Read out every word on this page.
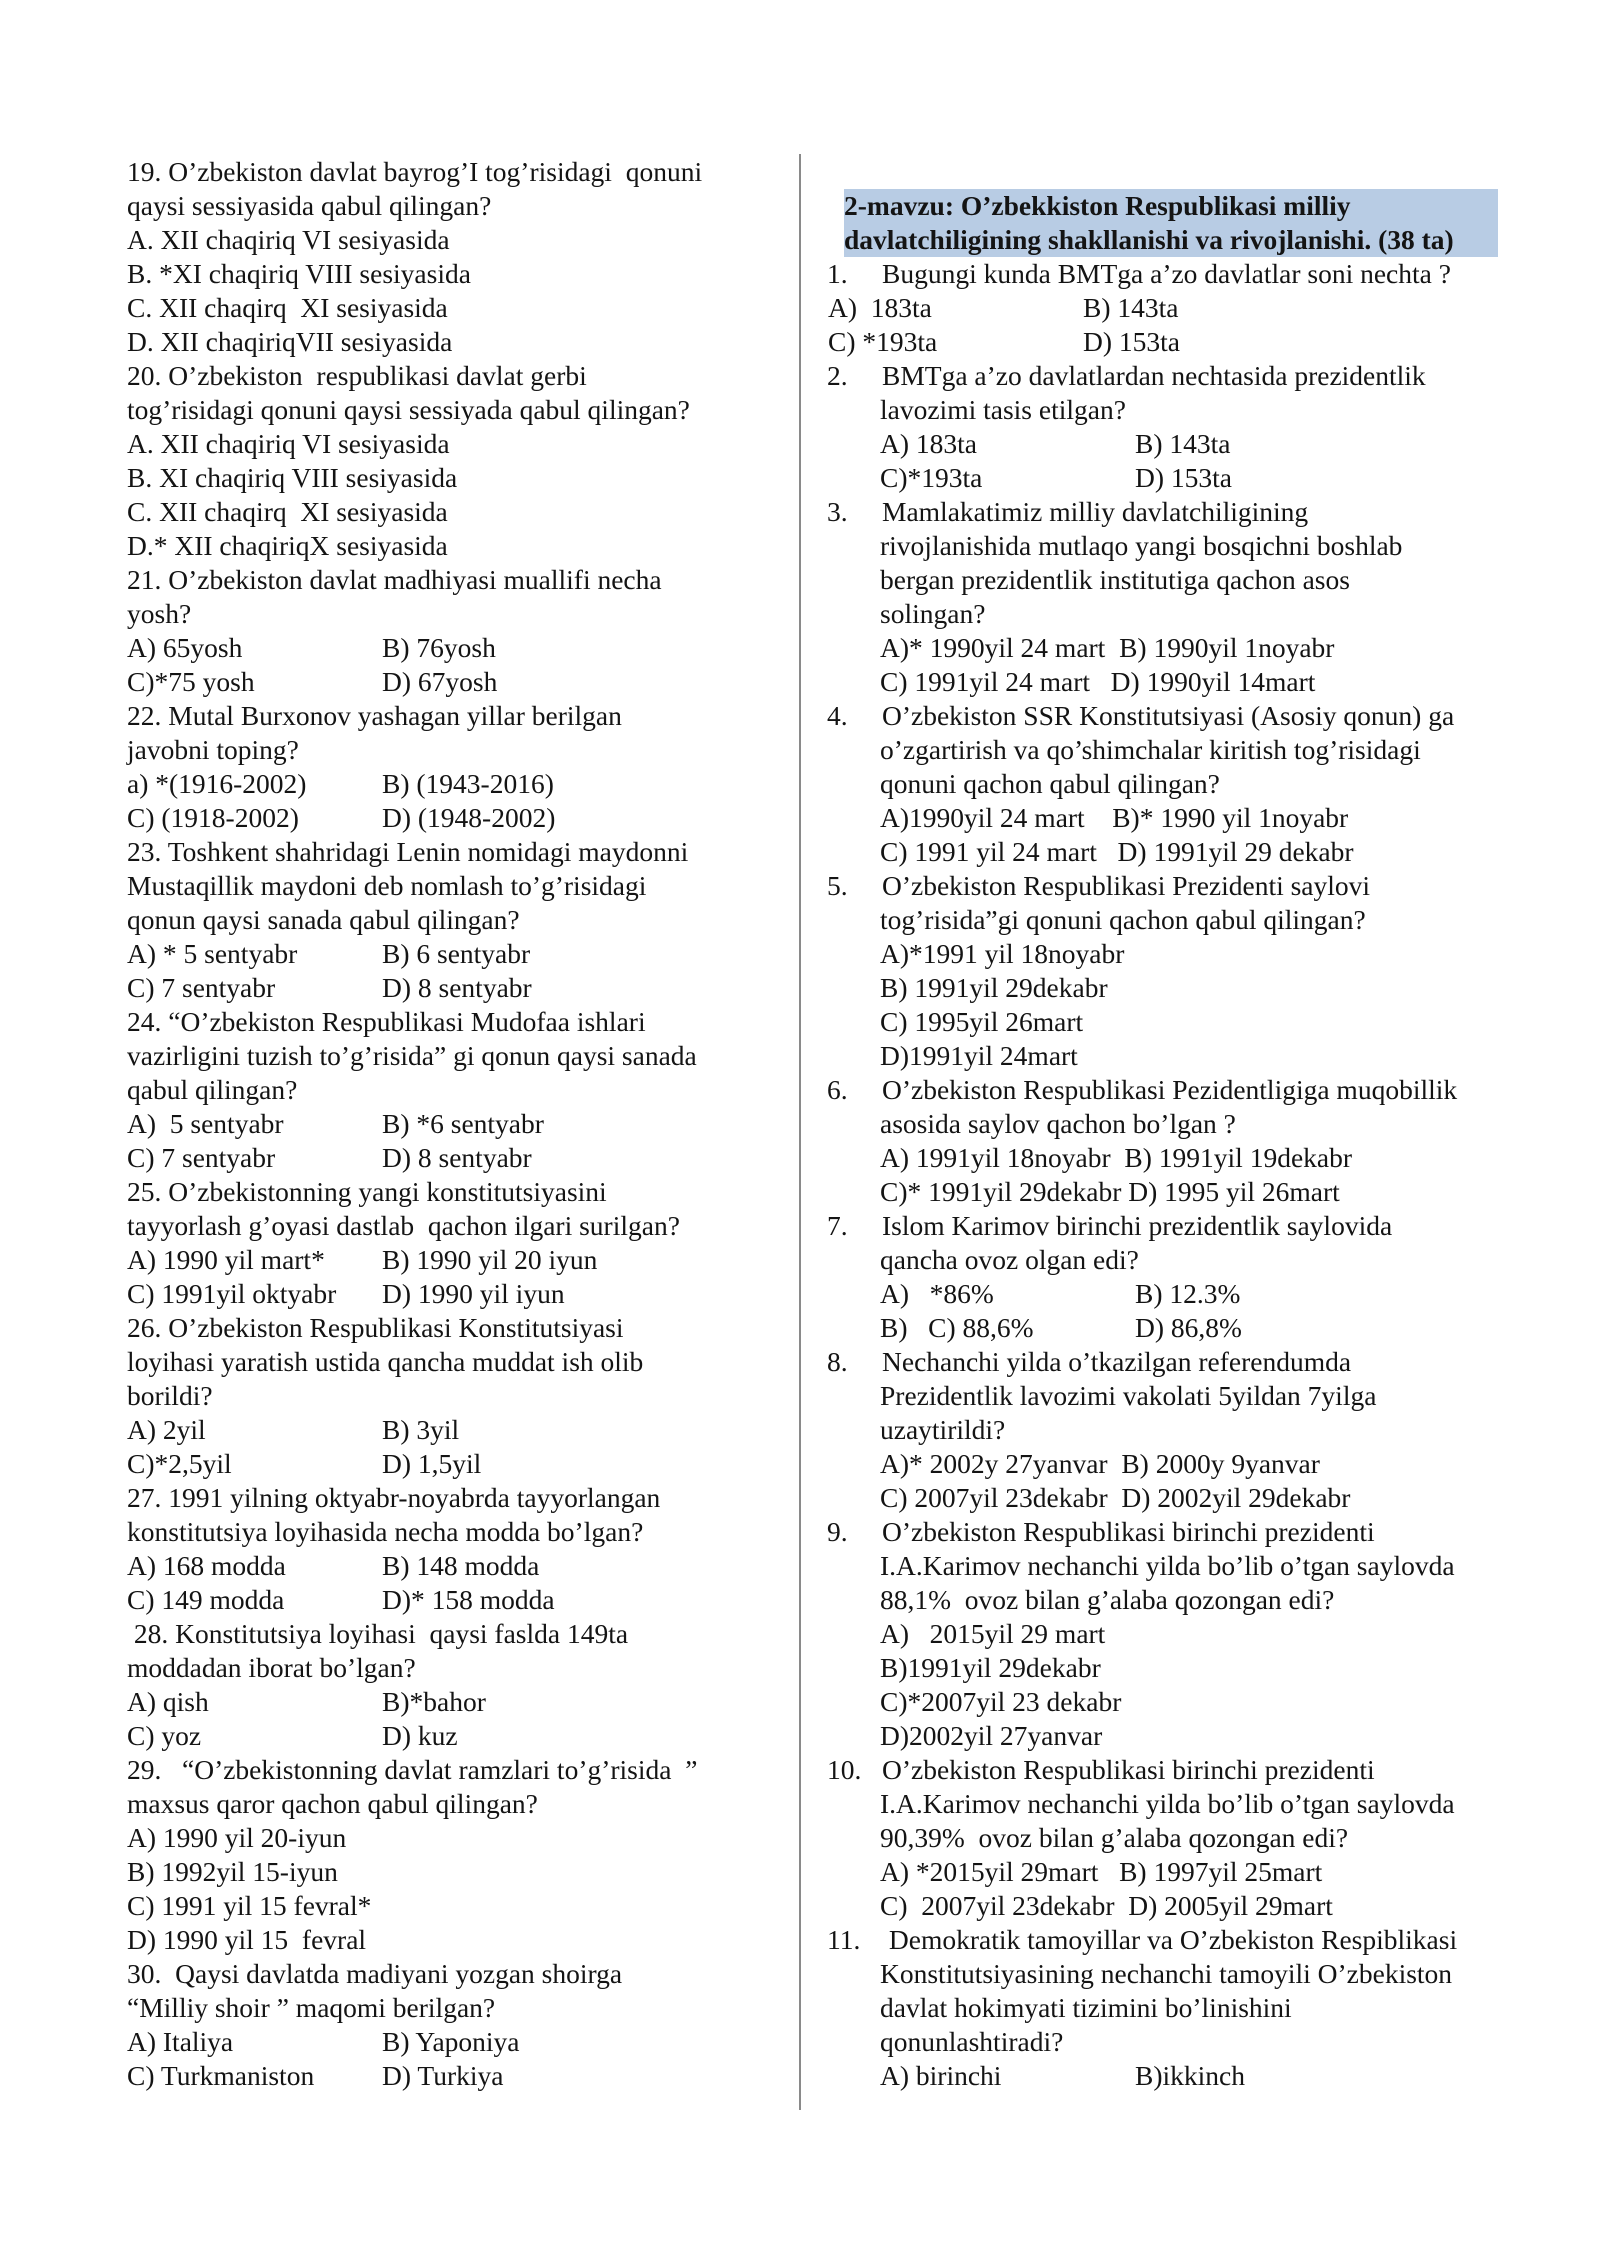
19. O’zbekiston davlat bayrog’I tog’risidagi  qonuni
qaysi sessiyasida qabul qilingan?
A. XII chaqiriq VI sesiyasida
B. *XI chaqiriq VIII sesiyasida
C. XII chaqirq  XI sesiyasida
D. XII chaqiriqVII sesiyasida
20. O’zbekiston  respublikasi davlat gerbi
tog’risidagi qonuni qaysi sessiyada qabul qilingan?
A. XII chaqiriq VI sesiyasida
B. XI chaqiriq VIII sesiyasida
C. XII chaqirq  XI sesiyasida
D.* XII chaqiriqX sesiyasida
21. O’zbekiston davlat madhiyasi muallifi necha
yosh?
A) 65yosh	B) 76yosh
C)*75 yosh	D) 67yosh
22. Mutal Burxonov yashagan yillar berilgan
javobni toping?
a) *(1916-2002)	B) (1943-2016)
C) (1918-2002)	D) (1948-2002)
23. Toshkent shahridagi Lenin nomidagi maydonni
Mustaqillik maydoni deb nomlash to’g’risidagi
qonun qaysi sanada qabul qilingan?
A) * 5 sentyabr	B) 6 sentyabr
C) 7 sentyabr	D) 8 sentyabr
24. “O’zbekiston Respublikasi Mudofaa ishlari
vazirligini tuzish to’g’risida” gi qonun qaysi sanada
qabul qilingan?
A)  5 sentyabr	B) *6 sentyabr
C) 7 sentyabr	D) 8 sentyabr
25. O’zbekistonning yangi konstitutsiyasini
tayyorlash g’oyasi dastlab  qachon ilgari surilgan?
A) 1990 yil mart* B) 1990 yil 20 iyun
C) 1991yil oktyabr D) 1990 yil iyun
26. O’zbekiston Respublikasi Konstitutsiyasi
loyihasi yaratish ustida qancha muddat ish olib
borildi?
A) 2yil	B) 3yil
C)*2,5yil	D) 1,5yil
27. 1991 yilning oktyabr-noyabrda tayyorlangan
konstitutsiya loyihasida necha modda bo’lgan?
A) 168 modda	B) 148 modda
C) 149 modda	D)* 158 modda
28. Konstitutsiya loyihasi  qaysi faslda 149ta
moddadan iborat bo’lgan?
A) qish	B)*bahor
C) yoz	D) kuz
29.   “O’zbekistonning davlat ramzlari to’g’risida  ”
maxsus qaror qachon qabul qilingan?
A) 1990 yil 20-iyun
B) 1992yil 15-iyun
C) 1991 yil 15 fevral*
D) 1990 yil 15  fevral
30.  Qaysi davlatda madiyani yozgan shoirga
“Milliy shoir ” maqomi berilgan?
A) Italiya	B) Yaponiya
C) Turkmaniston D) Turkiya
2-mavzu: O’zbekkiston Respublikasi milliy
davlatchiligining shakllanishi va rivojlanishi. (38 ta)
1. Bugungi kunda BMTga a’zo davlatlar soni nechta ?
A)  183ta	B) 143ta
C) *193ta	D) 153ta
2. BMTga a’zo davlatlardan nechtasida prezidentlik
lavozimi tasis etilgan?
A) 183ta	B) 143ta
C)*193ta	D) 153ta
3. Mamlakatimiz milliy davlatchiligining
rivojlanishida mutlaqo yangi bosqichni boshlab
bergan prezidentlik institutiga qachon asos
solingan?
A)* 1990yil 24 mart  B) 1990yil 1noyabr
C) 1991yil 24 mart   D) 1990yil 14mart
4. O’zbekiston SSR Konstitutsiyasi (Asosiy qonun) ga
o’zgartirish va qo’shimchalar kiritish tog’risidagi
qonuni qachon qabul qilingan?
A)1990yil 24 mart    B)* 1990 yil 1noyabr
C) 1991 yil 24 mart   D) 1991yil 29 dekabr
5. O’zbekiston Respublikasi Prezidenti saylovi
tog’risida”gi qonuni qachon qabul qilingan?
A)*1991 yil 18noyabr
B) 1991yil 29dekabr
C) 1995yil 26mart
D)1991yil 24mart
6. O’zbekiston Respublikasi Pezidentligiga muqobillik
asosida saylov qachon bo’lgan ?
A) 1991yil 18noyabr  B) 1991yil 19dekabr
C)* 1991yil 29dekabr D) 1995 yil 26mart
7. Islom Karimov birinchi prezidentlik saylovida
qancha ovoz olgan edi?
A)   *86%	B) 12.3%
B)   C) 88,6%	D) 86,8%
8. Nechanchi yilda o’tkazilgan referendumda
Prezidentlik lavozimi vakolati 5yildan 7yilga
uzaytirildi?
A)* 2002y 27yanvar  B) 2000y 9yanvar
C) 2007yil 23dekabr  D) 2002yil 29dekabr
9. O’zbekiston Respublikasi birinchi prezidenti
I.A.Karimov nechanchi yilda bo’lib o’tgan saylovda
88,1%  ovoz bilan g’alaba qozongan edi?
A)   2015yil 29 mart
B)1991yil 29dekabr
C)*2007yil 23 dekabr
D)2002yil 27yanvar
10. O’zbekiston Respublikasi birinchi prezidenti
I.A.Karimov nechanchi yilda bo’lib o’tgan saylovda
90,39%  ovoz bilan g’alaba qozongan edi?
A) *2015yil 29mart   B) 1997yil 25mart
C)  2007yil 23dekabr  D) 2005yil 29mart
11. Demokratik tamoyillar va O’zbekiston Respiblikasi
Konstitutsiyasining nechanchi tamoyili O’zbekiston
davlat hokimyati tizimini bo’linishini
qonunlashtiradi?
A) birinchi	B)ikkinch
